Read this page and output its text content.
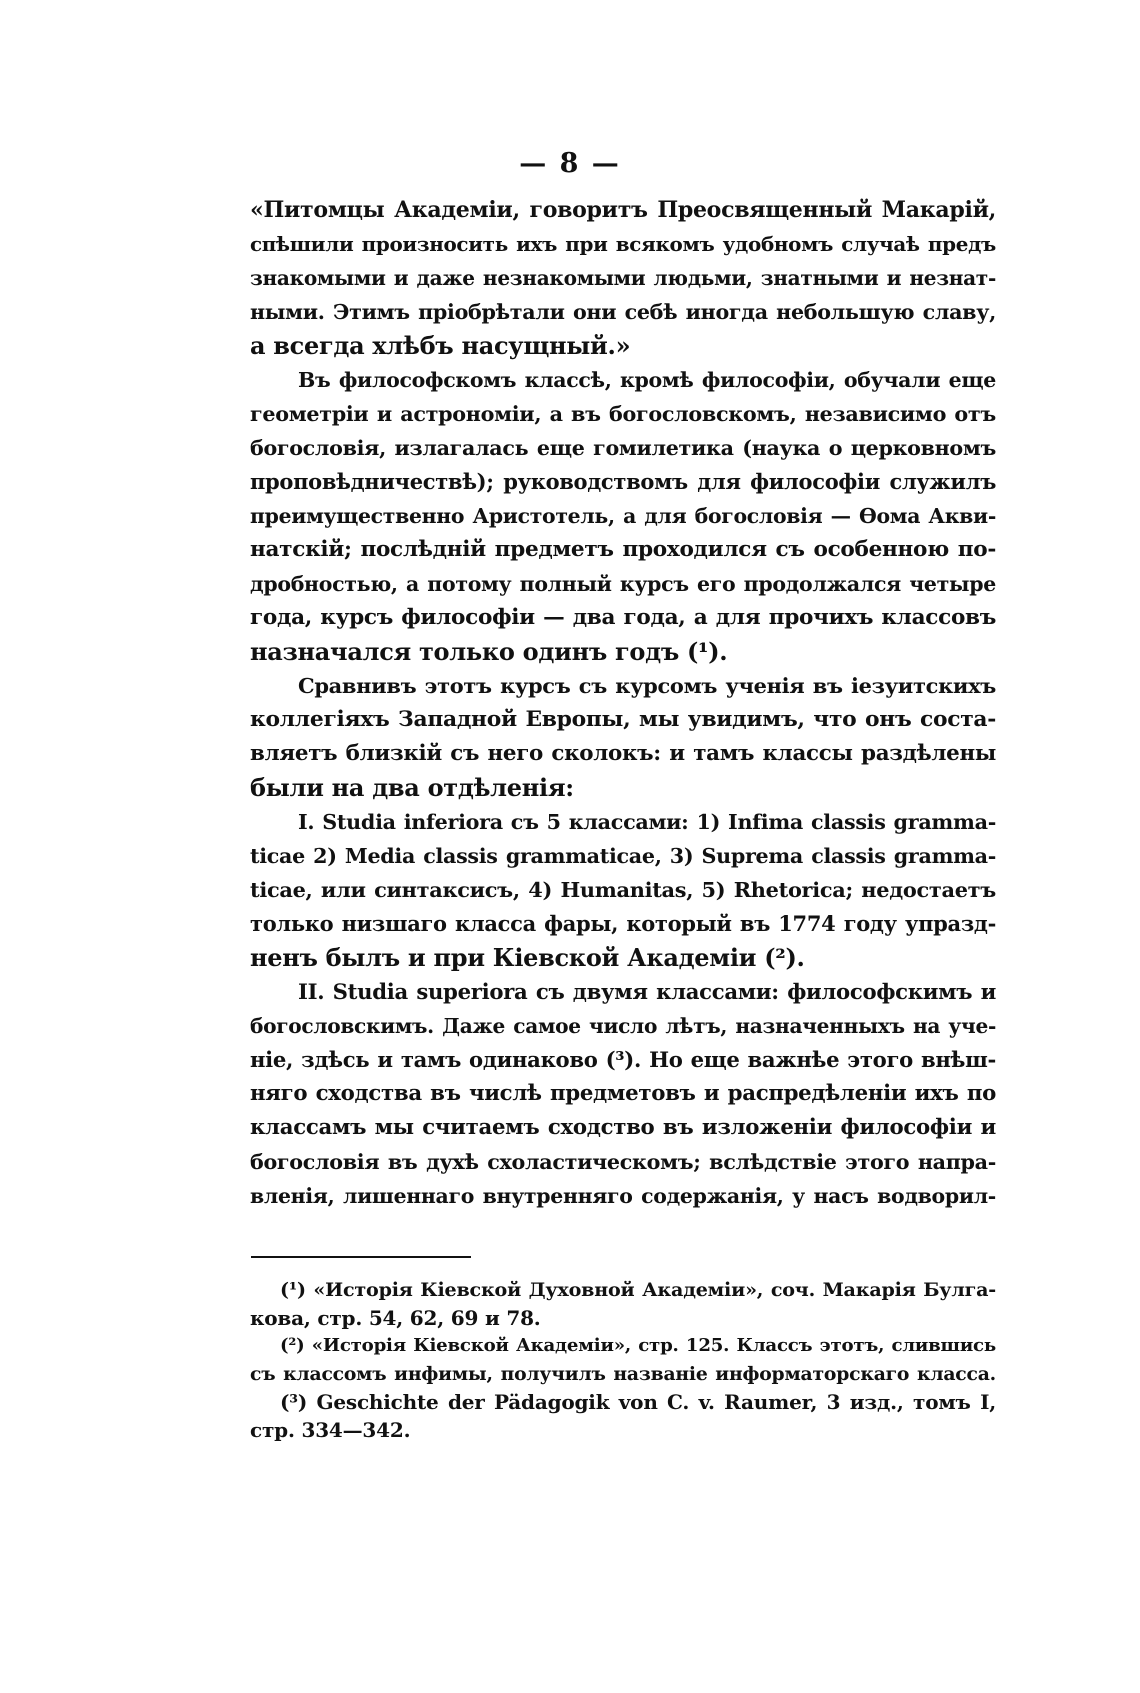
— 8 —
«Питомцы Академіи, говоритъ Преосвященный Макарій,
спѣшили произносить ихъ при всякомъ удобномъ случаѣ предъ
знакомыми и даже незнакомыми людьми, знатными и незнат-
ными. Этимъ пріобрѣтали они себѣ иногда небольшую славу,
а всегда хлѣбъ насущный.»
Въ философскомъ классѣ, кромѣ философіи, обучали еще
геометріи и астрономіи, а въ богословскомъ, независимо отъ
богословія, излагалась еще гомилетика (наука о церковномъ
проповѣдничествѣ); руководствомъ для философіи служилъ
преимущественно Аристотель, а для богословія — Ѳома Акви-
натскій; послѣдній предметъ проходился съ особенною по-
дробностью, а потому полный курсъ его продолжался четыре
года, курсъ философіи — два года, а для прочихъ классовъ
назначался только одинъ годъ (¹).
Сравнивъ этотъ курсъ съ курсомъ ученія въ іезуитскихъ
коллегіяхъ Западной Европы, мы увидимъ, что онъ соста-
вляетъ близкій съ него сколокъ: и тамъ классы раздѣлены
были на два отдѣленія:
I. Studia inferiora съ 5 классами: 1) Infima classis gramma-
ticae 2) Media classis grammaticae, 3) Suprema classis gramma-
ticae, или синтаксисъ, 4) Humanitas, 5) Rhetorica; недостаетъ
только низшаго класса фары, который въ 1774 году упразд-
ненъ былъ и при Кіевской Академіи (²).
II. Studia superiora съ двумя классами: философскимъ и
богословскимъ. Даже самое число лѣтъ, назначенныхъ на уче-
ніе, здѣсь и тамъ одинаково (³). Но еще важнѣе этого внѣш-
няго сходства въ числѣ предметовъ и распредѣленіи ихъ по
классамъ мы считаемъ сходство въ изложеніи философіи и
богословія въ духѣ схоластическомъ; вслѣдствіе этого напра-
вленія, лишеннаго внутренняго содержанія, у насъ водворил-
(¹) «Исторія Кіевской Духовной Академіи», соч. Макарія Булга-
кова, стр. 54, 62, 69 и 78.
(²) «Исторія Кіевской Академіи», стр. 125. Классъ этотъ, слившись
съ классомъ инфимы, получилъ названіе информаторскаго класса.
(³) Geschichte der Pädagogik von C. v. Raumer, 3 изд., томъ I,
стр. 334—342.
